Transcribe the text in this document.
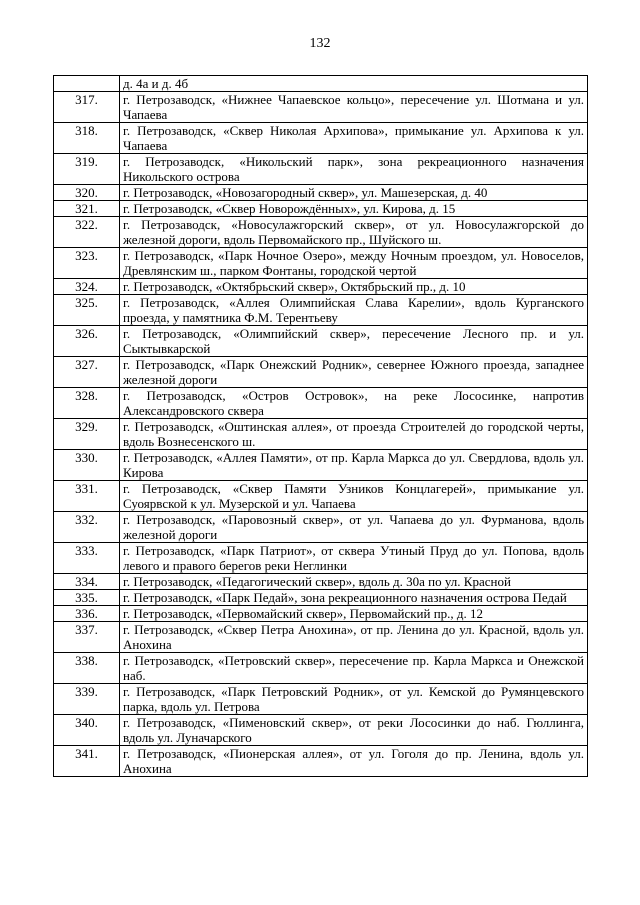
132
	д. 4а и д. 4б
317.	г. Петрозаводск, «Нижнее Чапаевское кольцо», пересечение ул. Шотмана и ул. Чапаева
318.	г. Петрозаводск, «Сквер Николая Архипова», примыкание ул. Архипова к ул. Чапаева
319.	г. Петрозаводск, «Никольский парк», зона рекреационного назначения Никольского острова
320.	г. Петрозаводск, «Новозагородный сквер», ул. Машезерская, д. 40
321.	г. Петрозаводск, «Сквер Новорождённых», ул. Кирова, д. 15
322.	г. Петрозаводск, «Новосулажгорский сквер», от ул. Новосулажгорской до железной дороги, вдоль Первомайского пр., Шуйского ш.
323.	г. Петрозаводск, «Парк Ночное Озеро», между Ночным проездом, ул. Новоселов, Древлянским ш., парком Фонтаны, городской чертой
324.	г. Петрозаводск, «Октябрьский сквер», Октябрьский пр., д. 10
325.	г. Петрозаводск, «Аллея Олимпийская Слава Карелии», вдоль Курганского проезда, у памятника Ф.М. Терентьеву
326.	г. Петрозаводск, «Олимпийский сквер», пересечение Лесного пр. и ул. Сыктывкарской
327.	г. Петрозаводск, «Парк Онежский Родник», севернее Южного проезда, западнее железной дороги
328.	г. Петрозаводск, «Остров Островок», на реке Лососинке, напротив Александровского сквера
329.	г. Петрозаводск, «Оштинская аллея», от проезда Строителей до городской черты, вдоль Вознесенского ш.
330.	г. Петрозаводск, «Аллея Памяти», от пр. Карла Маркса до ул. Свердлова, вдоль ул. Кирова
331.	г. Петрозаводск, «Сквер Памяти Узников Концлагерей», примыкание ул. Суоярвской к ул. Музерской и ул. Чапаева
332.	г. Петрозаводск, «Паровозный сквер», от ул. Чапаева до ул. Фурманова, вдоль железной дороги
333.	г. Петрозаводск, «Парк Патриот», от сквера Утиный Пруд до ул. Попова, вдоль левого и правого берегов реки Неглинки
334.	г. Петрозаводск, «Педагогический сквер», вдоль д. 30а по ул. Красной
335.	г. Петрозаводск, «Парк Педай», зона рекреационного назначения острова Педай
336.	г. Петрозаводск, «Первомайский сквер», Первомайский пр., д. 12
337.	г. Петрозаводск, «Сквер Петра Анохина», от пр. Ленина до ул. Красной, вдоль ул. Анохина
338.	г. Петрозаводск, «Петровский сквер», пересечение пр. Карла Маркса и Онежской наб.
339.	г. Петрозаводск, «Парк Петровский Родник», от ул. Кемской до Румянцевского парка, вдоль ул. Петрова
340.	г. Петрозаводск, «Пименовский сквер», от реки Лососинки до наб. Гюллинга, вдоль ул. Луначарского
341.	г. Петрозаводск, «Пионерская аллея», от ул. Гоголя до пр. Ленина, вдоль ул. Анохина
